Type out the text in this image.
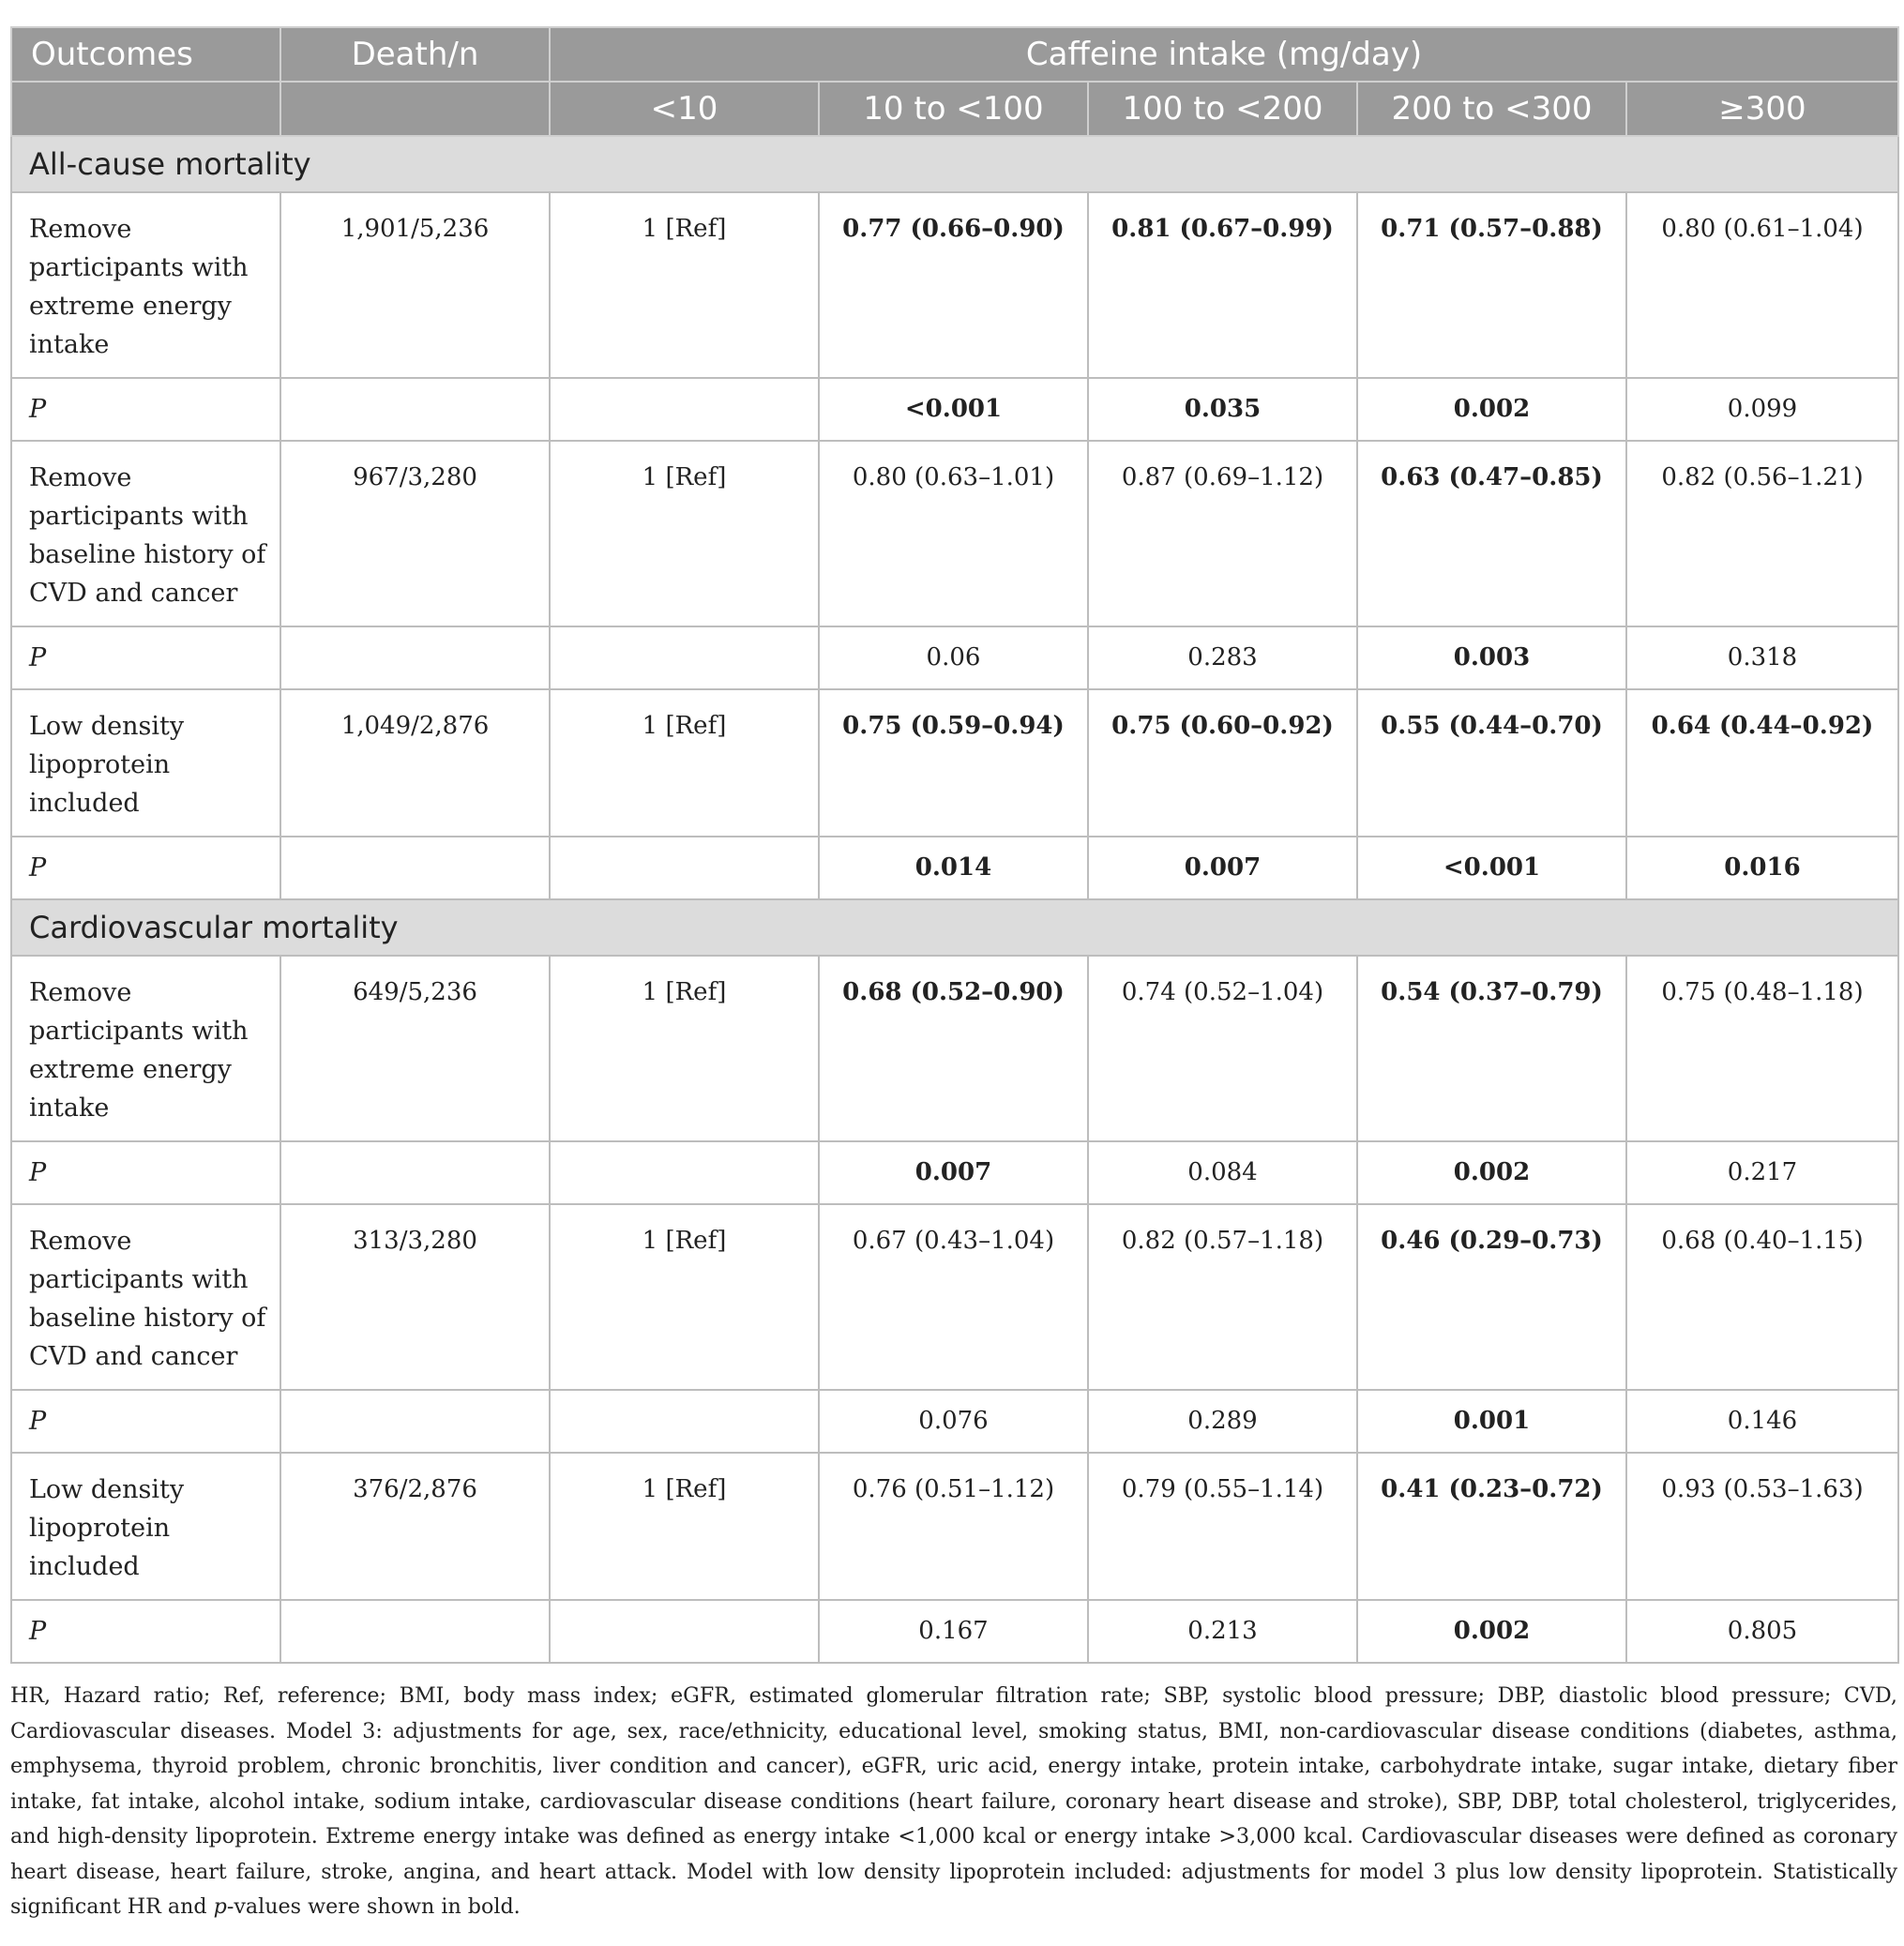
Outcomes	Death/n	Caffeine intake (mg/day)				
		<10	10 to <100	100 to <200	200 to <300	≥300
All-cause mortality						
Remove participants with extreme energy intake	1,901/5,236	1 [Ref]	0.77 (0.66–0.90)	0.81 (0.67–0.99)	0.71 (0.57–0.88)	0.80 (0.61–1.04)
P			<0.001	0.035	0.002	0.099
Remove participants with baseline history of CVD and cancer	967/3,280	1 [Ref]	0.80 (0.63–1.01)	0.87 (0.69–1.12)	0.63 (0.47–0.85)	0.82 (0.56–1.21)
P			0.06	0.283	0.003	0.318
Low density lipoprotein included	1,049/2,876	1 [Ref]	0.75 (0.59–0.94)	0.75 (0.60–0.92)	0.55 (0.44–0.70)	0.64 (0.44–0.92)
P			0.014	0.007	<0.001	0.016
Cardiovascular mortality						
Remove participants with extreme energy intake	649/5,236	1 [Ref]	0.68 (0.52–0.90)	0.74 (0.52–1.04)	0.54 (0.37–0.79)	0.75 (0.48–1.18)
P			0.007	0.084	0.002	0.217
Remove participants with baseline history of CVD and cancer	313/3,280	1 [Ref]	0.67 (0.43–1.04)	0.82 (0.57–1.18)	0.46 (0.29–0.73)	0.68 (0.40–1.15)
P			0.076	0.289	0.001	0.146
Low density lipoprotein included	376/2,876	1 [Ref]	0.76 (0.51–1.12)	0.79 (0.55–1.14)	0.41 (0.23–0.72)	0.93 (0.53–1.63)
P			0.167	0.213	0.002	0.805

HR, Hazard ratio; Ref, reference; BMI, body mass index; eGFR, estimated glomerular filtration rate; SBP, systolic blood pressure; DBP, diastolic blood pressure; CVD, Cardiovascular diseases. Model 3: adjustments for age, sex, race/ethnicity, educational level, smoking status, BMI, non-cardiovascular disease conditions (diabetes, asthma, emphysema, thyroid problem, chronic bronchitis, liver condition and cancer), eGFR, uric acid, energy intake, protein intake, carbohydrate intake, sugar intake, dietary fiber intake, fat intake, alcohol intake, sodium intake, cardiovascular disease conditions (heart failure, coronary heart disease and stroke), SBP, DBP, total cholesterol, triglycerides, and high-density lipoprotein. Extreme energy intake was defined as energy intake <1,000 kcal or energy intake >3,000 kcal. Cardiovascular diseases were defined as coronary heart disease, heart failure, stroke, angina, and heart attack. Model with low density lipoprotein included: adjustments for model 3 plus low density lipoprotein. Statistically significant HR and p-values were shown in bold.
